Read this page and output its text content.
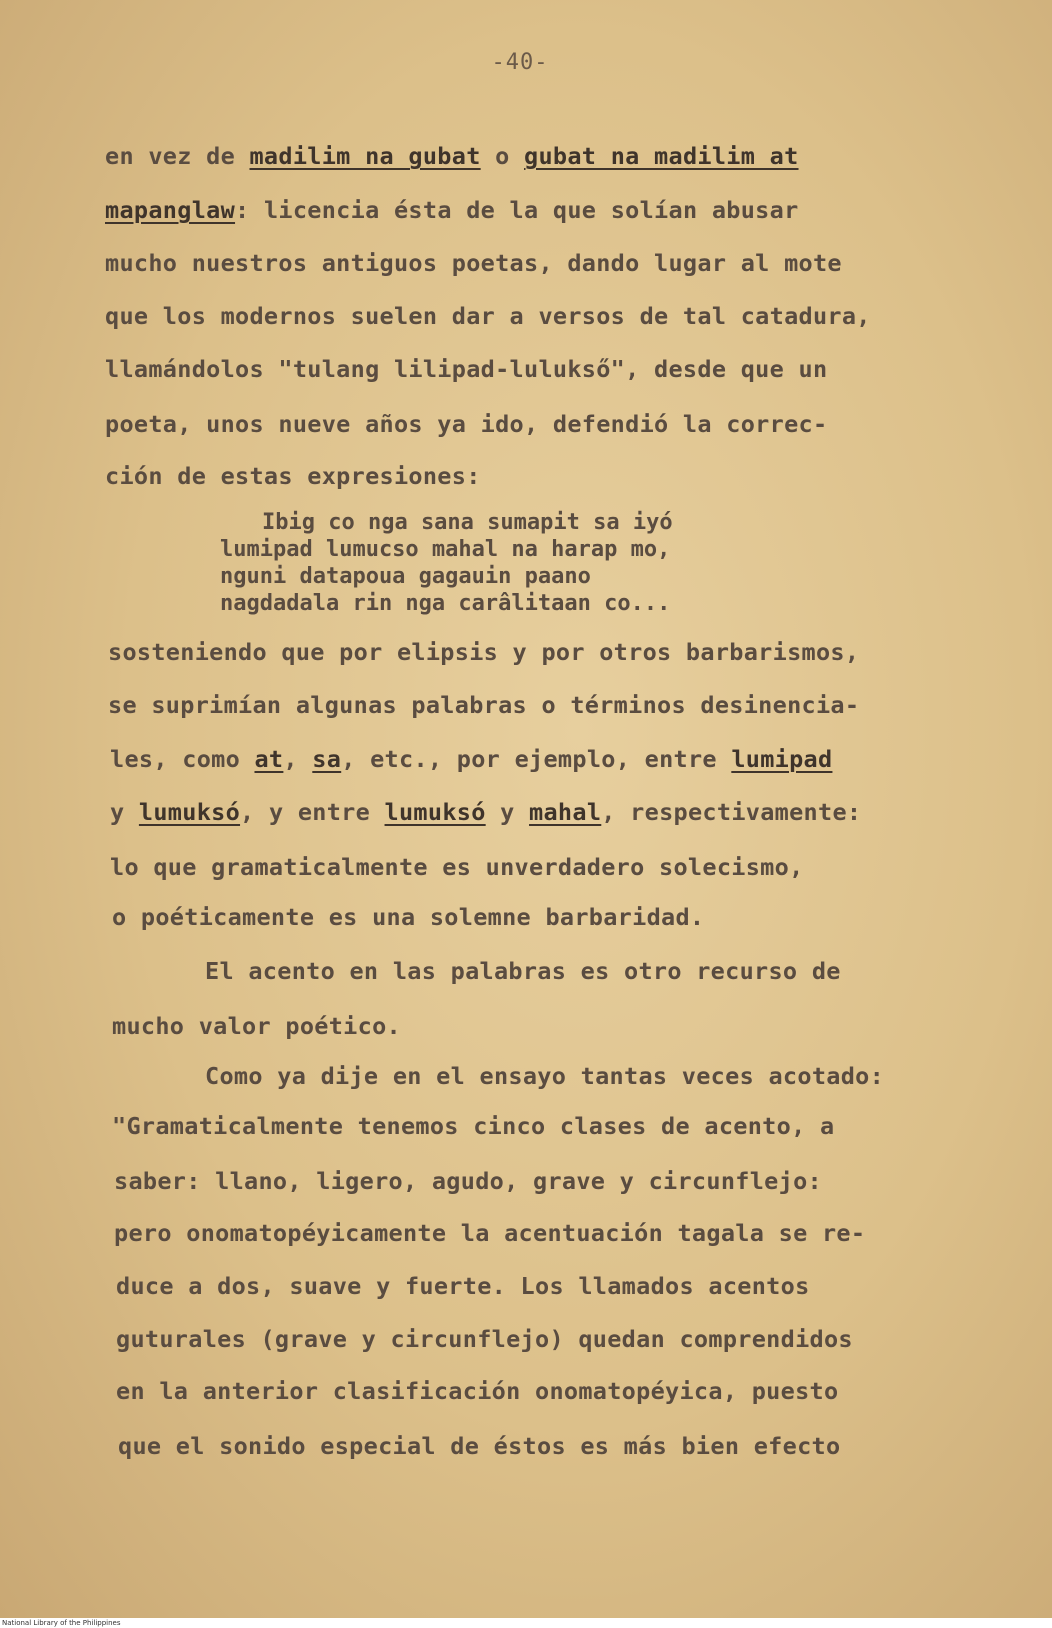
-40-
en vez de madilim na gubat o gubat na madilim at
mapanglaw: licencia ésta de la que solían abusar
mucho nuestros antiguos poetas, dando lugar al mote
que los modernos suelen dar a versos de tal catadura,
llamándolos "tulang lilipad-lulukső", desde que un
poeta, unos nueve años ya ido, defendió la correc-
ción de estas expresiones:
Ibig co nga sana sumapit sa iyó
lumipad lumucso mahal na harap mo,
nguni datapoua gagauin paano
nagdadala rin nga carâlitaan co...
sosteniendo que por elipsis y por otros barbarismos,
se suprimían algunas palabras o términos desinencia-
les, como at, sa, etc., por ejemplo, entre lumipad
y lumuksó, y entre lumuksó y mahal, respectivamente:
lo que gramaticalmente es unverdadero solecismo,
o poéticamente es una solemne barbaridad.
El acento en las palabras es otro recurso de
mucho valor poético.
Como ya dije en el ensayo tantas veces acotado:
"Gramaticalmente tenemos cinco clases de acento, a
saber: llano, ligero, agudo, grave y circunflejo:
pero onomatopéyicamente la acentuación tagala se re-
duce a dos, suave y fuerte. Los llamados acentos
guturales (grave y circunflejo) quedan comprendidos
en la anterior clasificación onomatopéyica, puesto
que el sonido especial de éstos es más bien efecto
National Library of the Philippines
